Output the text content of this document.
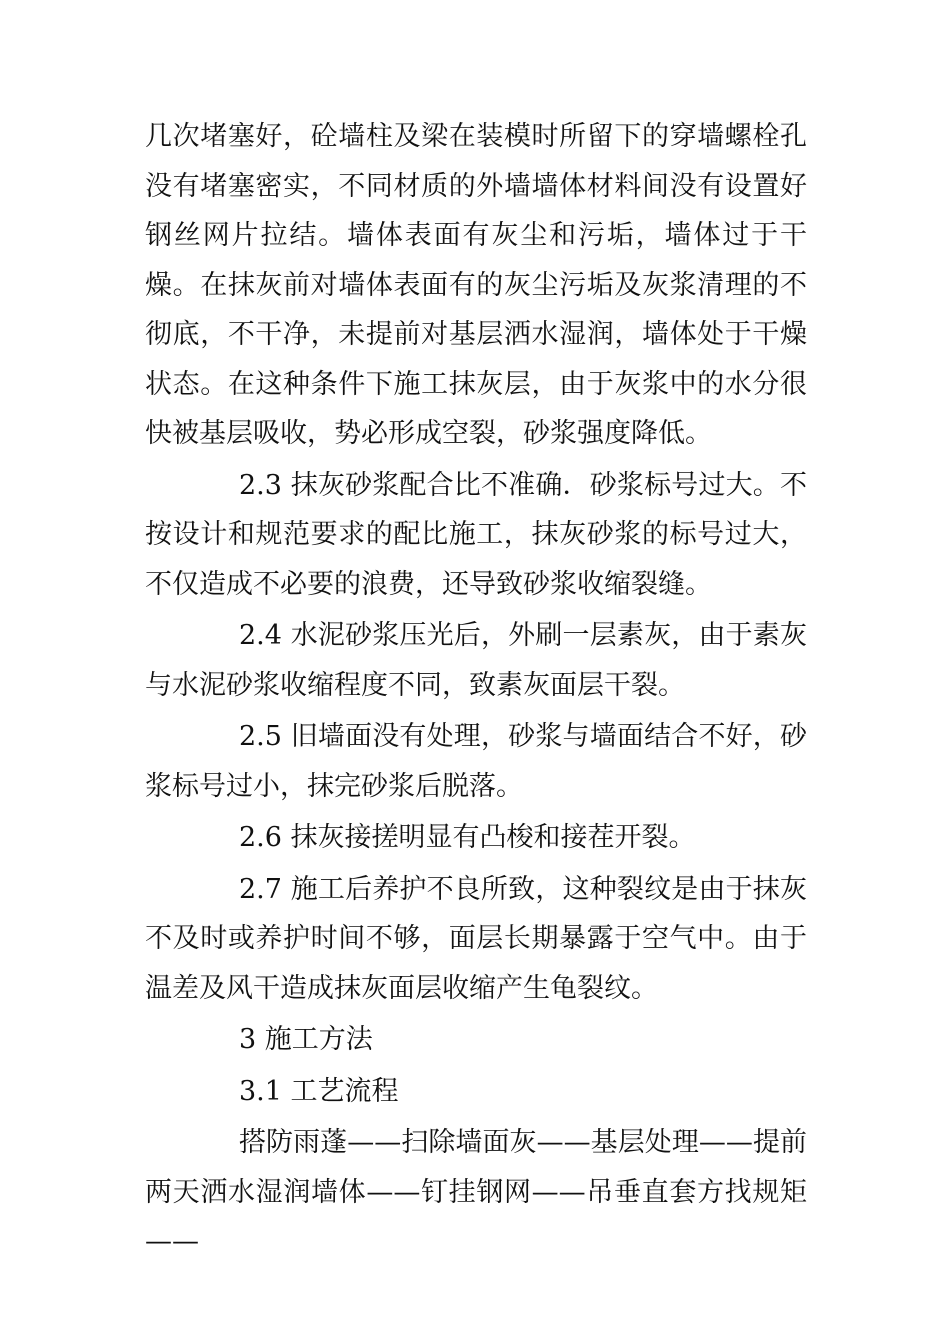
几次堵塞好，砼墙柱及梁在装模时所留下的穿墙螺栓孔没有堵塞密实，不同材质的外墙墙体材料间没有设置好钢丝网片拉结。墙体表面有灰尘和污垢，墙体过于干燥。在抹灰前对墙体表面有的灰尘污垢及灰浆清理的不彻底，不干净，未提前对基层洒水湿润，墙体处于干燥状态。在这种条件下施工抹灰层，由于灰浆中的水分很快被基层吸收，势必形成空裂，砂浆强度降低。

2.3 抹灰砂浆配合比不准确．砂浆标号过大。不按设计和规范要求的配比施工，抹灰砂浆的标号过大，不仅造成不必要的浪费，还导致砂浆收缩裂缝。

2.4 水泥砂浆压光后，外刷一层素灰，由于素灰与水泥砂浆收缩程度不同，致素灰面层干裂。

2.5 旧墙面没有处理，砂浆与墙面结合不好，砂浆标号过小，抹完砂浆后脱落。

2.6 抹灰接搓明显有凸梭和接茬开裂。

2.7 施工后养护不良所致，这种裂纹是由于抹灰不及时或养护时间不够，面层长期暴露于空气中。由于温差及风干造成抹灰面层收缩产生龟裂纹。

3 施工方法

3.1 工艺流程

搭防雨蓬——扫除墙面灰——基层处理——提前两天洒水湿润墙体——钉挂钢网——吊垂直套方找规矩——
